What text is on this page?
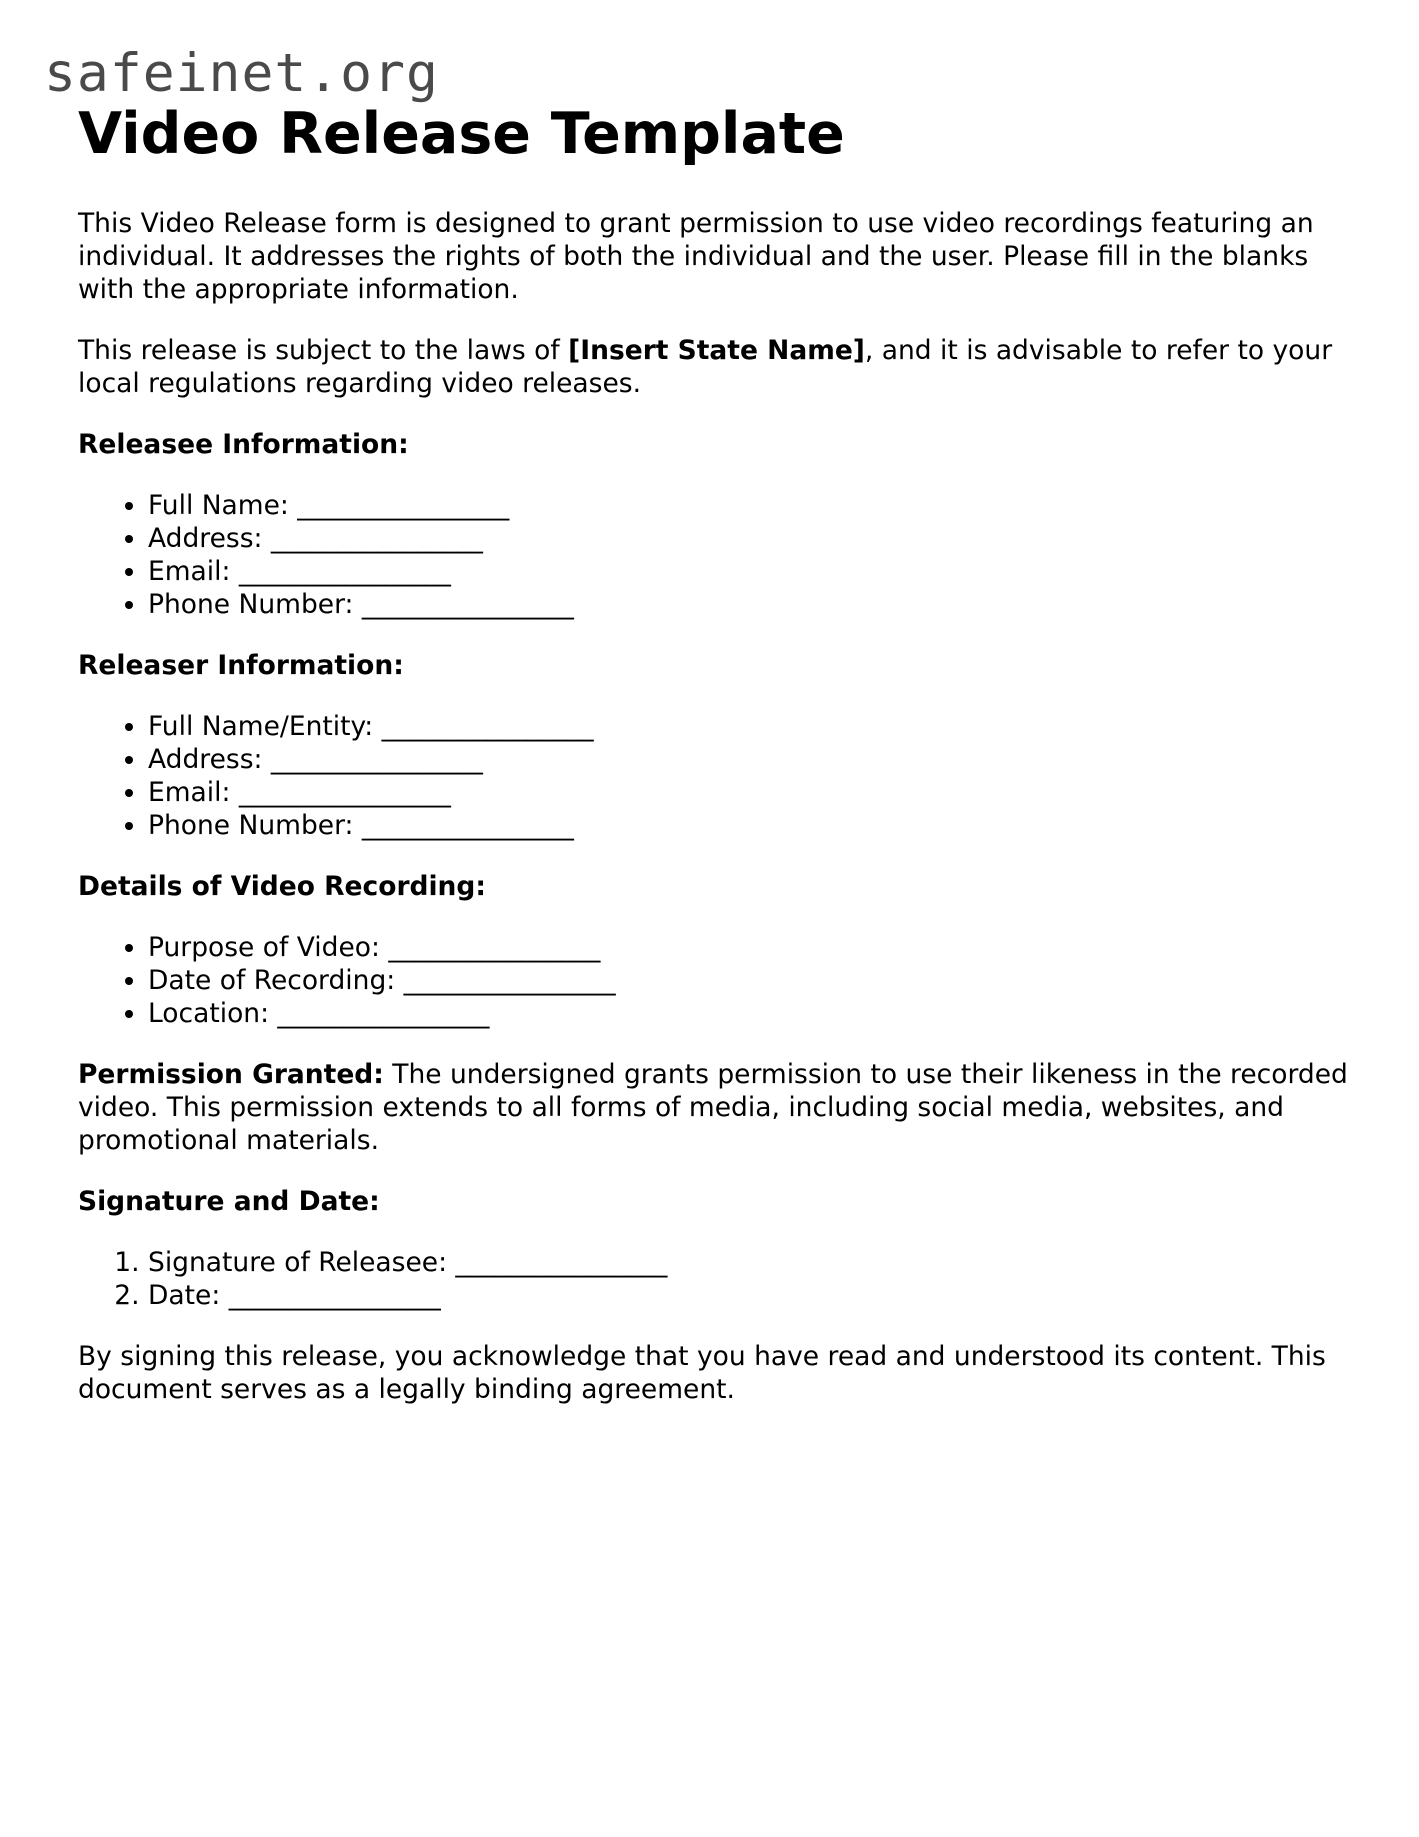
safeinet.org
Video Release Template

This Video Release form is designed to grant permission to use video recordings featuring an individual. It addresses the rights of both the individual and the user. Please fill in the blanks with the appropriate information.

This release is subject to the laws of [Insert State Name], and it is advisable to refer to your local regulations regarding video releases.

Releasee Information:

• Full Name: ________________
• Address: ________________
• Email: ________________
• Phone Number: ________________

Releaser Information:

• Full Name/Entity: ________________
• Address: ________________
• Email: ________________
• Phone Number: ________________

Details of Video Recording:

• Purpose of Video: ________________
• Date of Recording: ________________
• Location: ________________

Permission Granted: The undersigned grants permission to use their likeness in the recorded video. This permission extends to all forms of media, including social media, websites, and promotional materials.

Signature and Date:

1. Signature of Releasee: ________________
2. Date: ________________

By signing this release, you acknowledge that you have read and understood its content. This document serves as a legally binding agreement.
